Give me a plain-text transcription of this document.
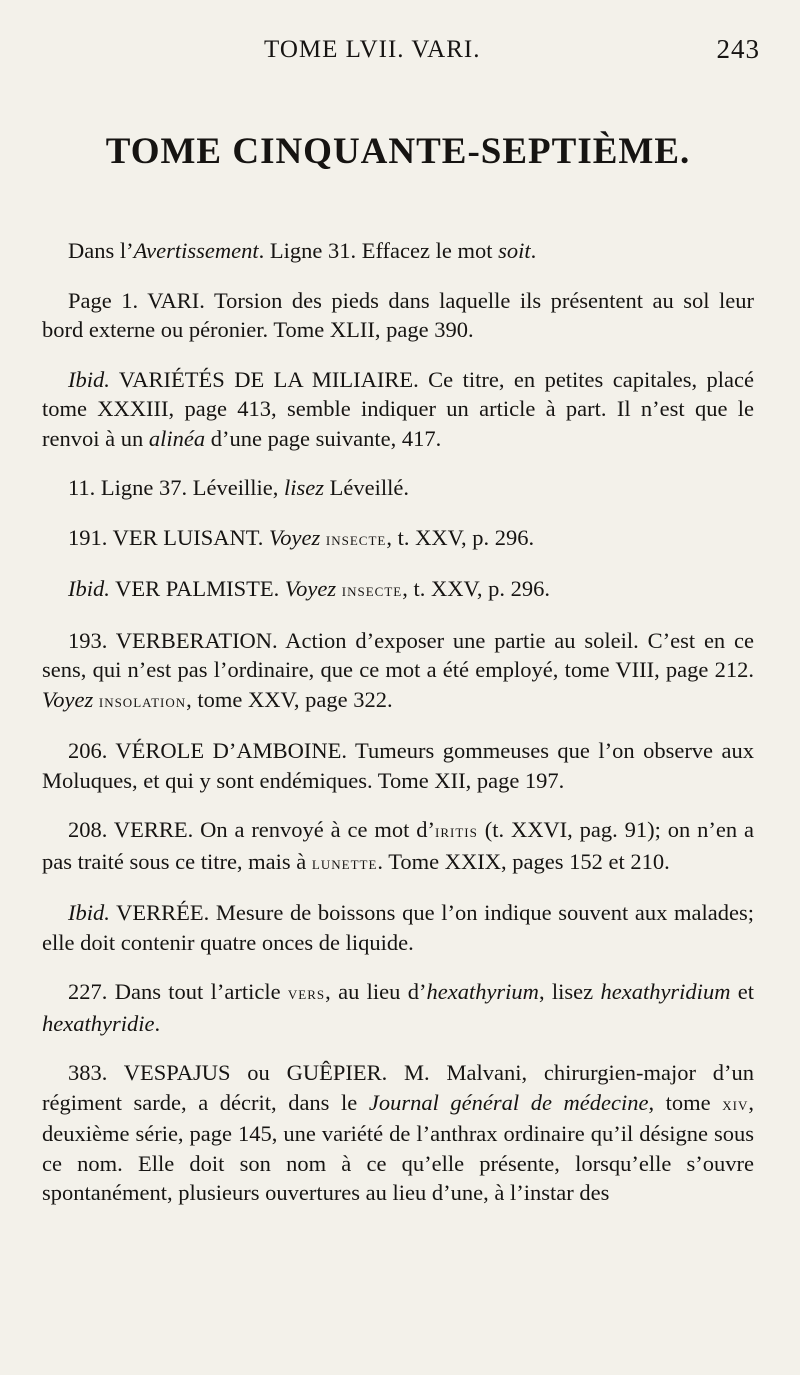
TOME LVII. VARI.	243
TOME CINQUANTE-SEPTIÈME.

Dans l’Avertissement. Ligne 31. Effacez le mot soit.

Page 1. VARI. Torsion des pieds dans laquelle ils présentent au sol leur bord externe ou péronier. Tome XLII, page 390.

Ibid. VARIÉTÉS DE LA MILIAIRE. Ce titre, en petites capitales, placé tome XXXIII, page 413, semble indiquer un article à part. Il n’est que le renvoi à un alinéa d’une page suivante, 417.

11. Ligne 37. Léveillie, lisez Léveillé.

191. VER LUISANT. Voyez insecte, t. XXV, p. 296.

Ibid. VER PALMISTE. Voyez insecte, t. XXV, p. 296.

193. VERBERATION. Action d’exposer une partie au soleil. C’est en ce sens, qui n’est pas l’ordinaire, que ce mot a été employé, tome VIII, page 212. Voyez insolation, tome XXV, page 322.

206. VÉROLE D’AMBOINE. Tumeurs gommeuses que l’on observe aux Moluques, et qui y sont endémiques. Tome XII, page 197.

208. VERRE. On a renvoyé à ce mot d’iritis (t. XXVI, pag. 91); on n’en a pas traité sous ce titre, mais à lunette. Tome XXIX, pages 152 et 210.

Ibid. VERRÉE. Mesure de boissons que l’on indique souvent aux malades; elle doit contenir quatre onces de liquide.

227. Dans tout l’article vers, au lieu d’hexathyrium, lisez hexathyridium et hexathyridie.

383. VESPAJUS ou GUÊPIER. M. Malvani, chirurgien-major d’un régiment sarde, a décrit, dans le Journal général de médecine, tome xiv, deuxième série, page 145, une variété de l’anthrax ordinaire qu’il désigne sous ce nom. Elle doit son nom à ce qu’elle présente, lorsqu’elle s’ouvre spontanément, plusieurs ouvertures au lieu d’une, à l’instar des
